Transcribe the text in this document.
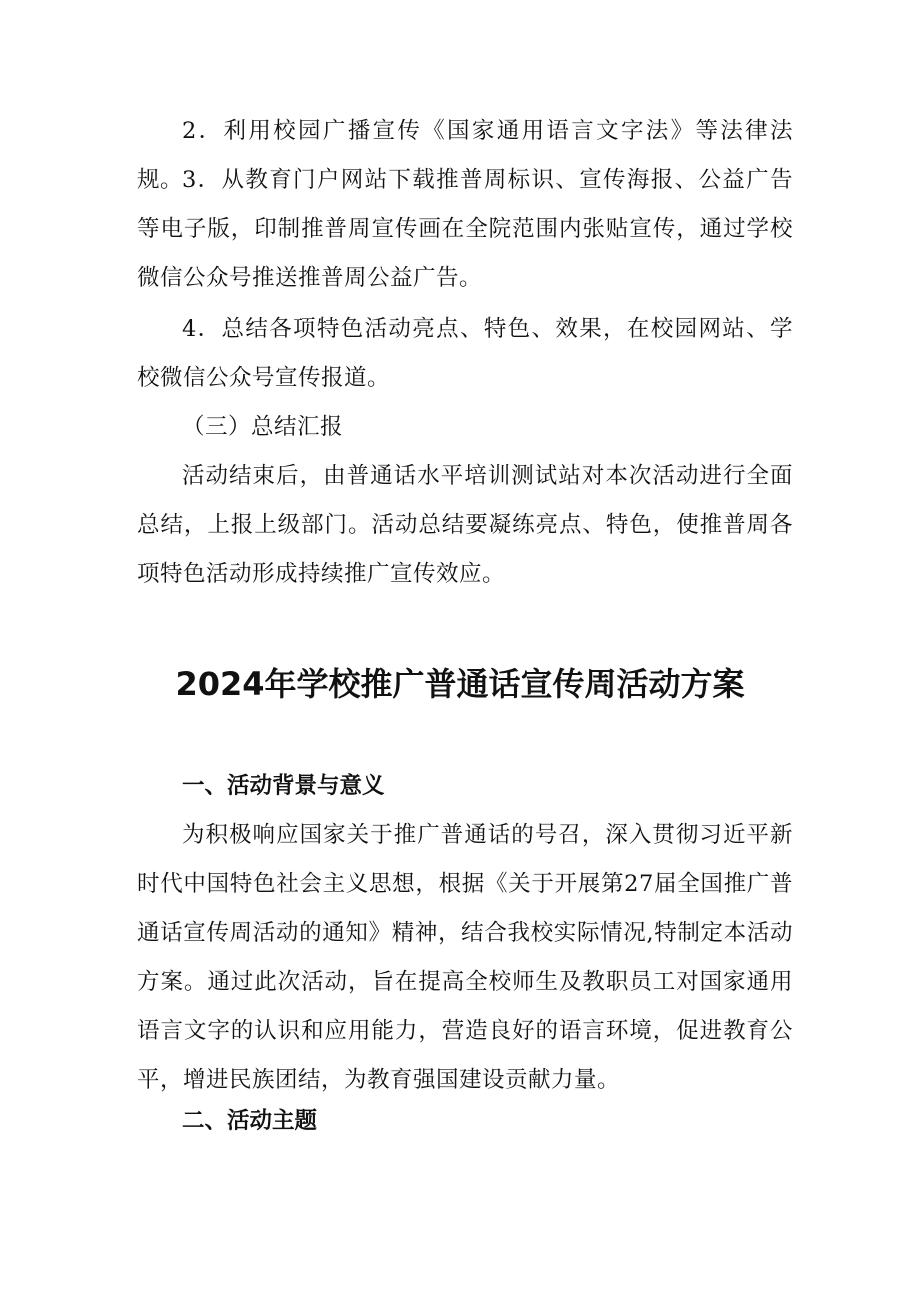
2．利用校园广播宣传《国家通用语言文字法》等法律法规。

3．从教育门户网站下载推普周标识、宣传海报、公益广告等电子版，印制推普周宣传画在全院范围内张贴宣传，通过学校微信公众号推送推普周公益广告。

4．总结各项特色活动亮点、特色、效果，在校园网站、学校微信公众号宣传报道。

（三）总结汇报

活动结束后，由普通话水平培训测试站对本次活动进行全面总结，上报上级部门。活动总结要凝练亮点、特色，使推普周各项特色活动形成持续推广宣传效应。

2024年学校推广普通话宣传周活动方案
一、活动背景与意义

为积极响应国家关于推广普通话的号召，深入贯彻习近平新时代中国特色社会主义思想，根据《关于开展第27届全国推广普通话宣传周活动的通知》精神，结合我校实际情况,特制定本活动方案。通过此次活动，旨在提高全校师生及教职员工对国家通用语言文字的认识和应用能力，营造良好的语言环境，促进教育公平，增进民族团结，为教育强国建设贡献力量。

二、活动主题
